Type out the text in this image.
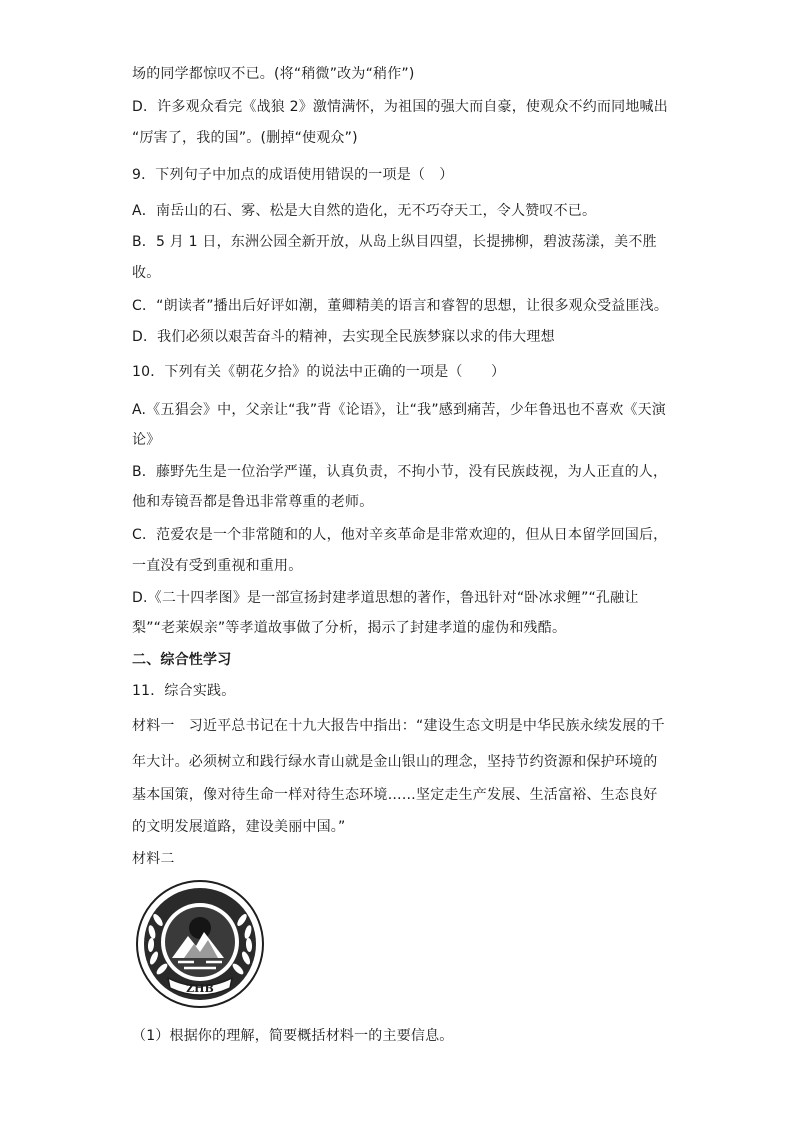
场的同学都惊叹不已。(将“稍微”改为“稍作”)
D．许多观众看完《战狼 2》激情满怀，为祖国的强大而自豪，使观众不约而同地喊出
“厉害了，我的国”。(删掉“使观众”)
9．下列句子中加点的成语使用错误的一项是（　）
A．南岳山的石、雾、松是大自然的造化，无不巧夺天工，令人赞叹不已。
B．5 月 1 日，东洲公园全新开放，从岛上纵目四望，长提拂柳，碧波荡漾，美不胜
收。
C．“朗读者”播出后好评如潮，董卿精美的语言和睿智的思想，让很多观众受益匪浅。
D．我们必须以艰苦奋斗的精神，去实现全民族梦寐以求的伟大理想
10．下列有关《朝花夕拾》的说法中正确的一项是（　　）
A.《五猖会》中，父亲让“我”背《论语》，让“我”感到痛苦，少年鲁迅也不喜欢《天演
论》
B．藤野先生是一位治学严谨，认真负责，不拘小节，没有民族歧视，为人正直的人，
他和寿镜吾都是鲁迅非常尊重的老师。
C．范爱农是一个非常随和的人，他对辛亥革命是非常欢迎的，但从日本留学回国后，
一直没有受到重视和重用。
D.《二十四孝图》是一部宣扬封建孝道思想的著作，鲁迅针对“卧冰求鲤”“孔融让
梨”“老莱娱亲”等孝道故事做了分析，揭示了封建孝道的虚伪和残酷。
二、综合性学习
11．综合实践。
材料一　习近平总书记在十九大报告中指出：“建设生态文明是中华民族永续发展的千
年大计。必须树立和践行绿水青山就是金山银山的理念，坚持节约资源和保护环境的
基本国策，像对待生命一样对待生态环境……坚定走生产发展、生活富裕、生态良好
的文明发展道路，建设美丽中国。”
材料二
ZHB
（1）根据你的理解，简要概括材料一的主要信息。
